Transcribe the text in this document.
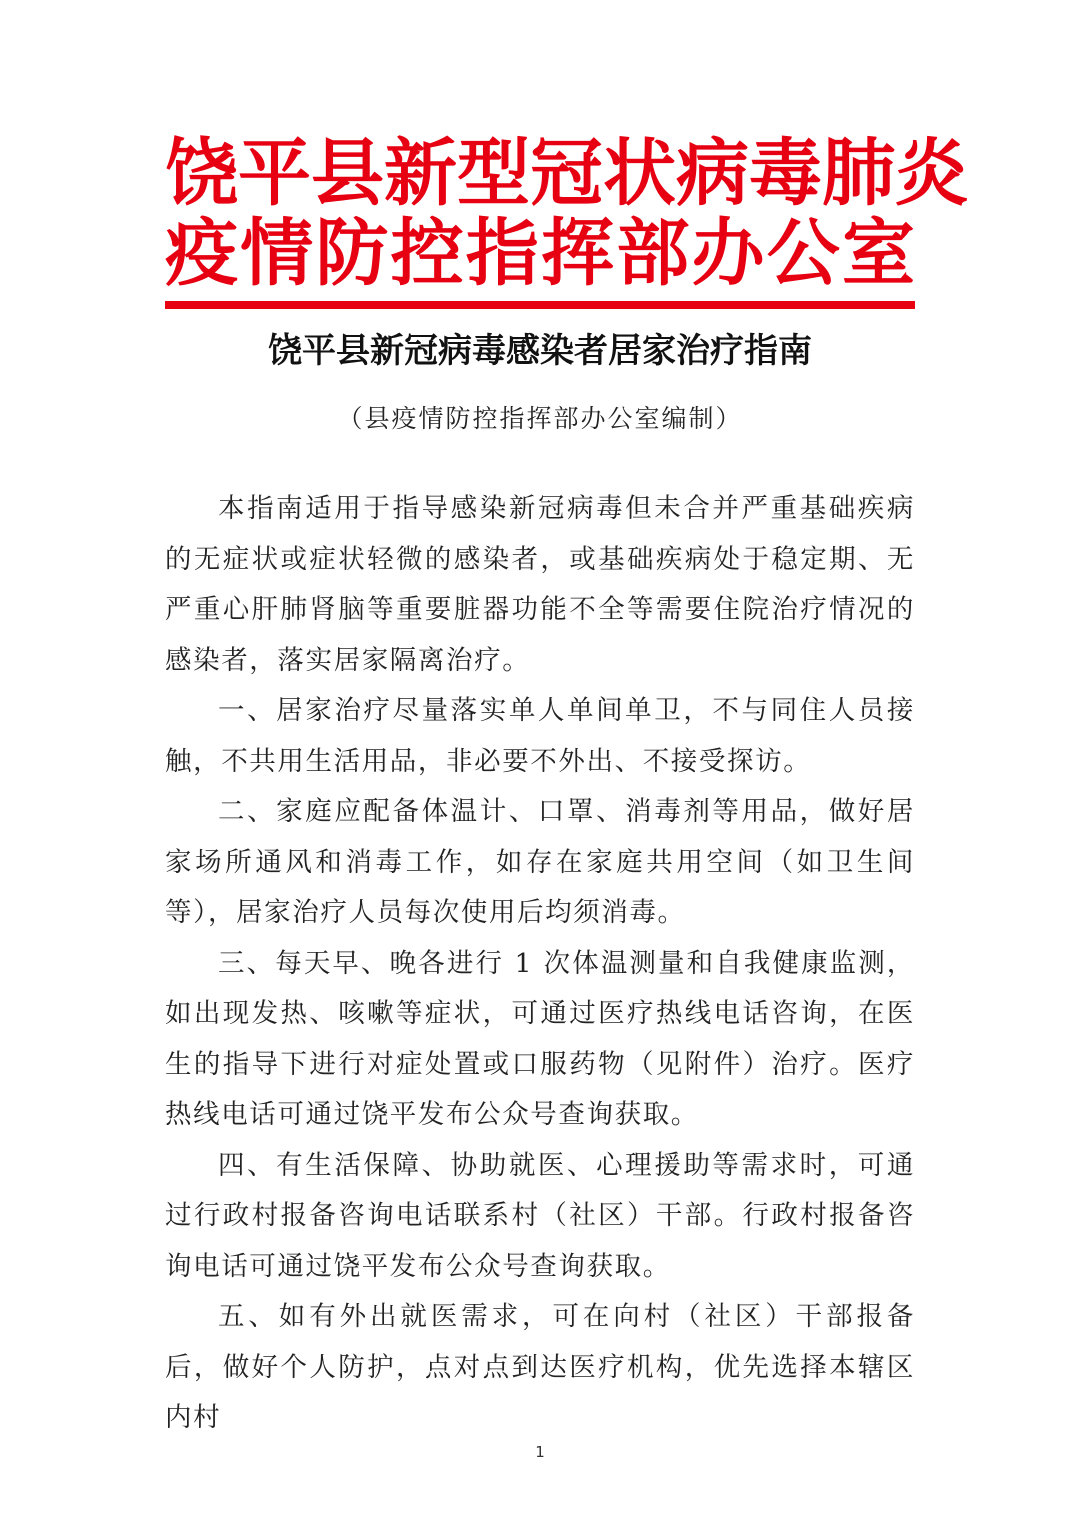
饶平县新型冠状病毒肺炎
疫情防控指挥部办公室
饶平县新冠病毒感染者居家治疗指南
（县疫情防控指挥部办公室编制）

本指南适用于指导感染新冠病毒但未合并严重基础疾病的无症状或症状轻微的感染者，或基础疾病处于稳定期、无严重心肝肺肾脑等重要脏器功能不全等需要住院治疗情况的感染者，落实居家隔离治疗。

一、居家治疗尽量落实单人单间单卫，不与同住人员接触，不共用生活用品，非必要不外出、不接受探访。

二、家庭应配备体温计、口罩、消毒剂等用品，做好居家场所通风和消毒工作，如存在家庭共用空间（如卫生间等），居家治疗人员每次使用后均须消毒。

三、每天早、晚各进行 1 次体温测量和自我健康监测，如出现发热、咳嗽等症状，可通过医疗热线电话咨询，在医生的指导下进行对症处置或口服药物（见附件）治疗。医疗热线电话可通过饶平发布公众号查询获取。

四、有生活保障、协助就医、心理援助等需求时，可通过行政村报备咨询电话联系村（社区）干部。行政村报备咨询电话可通过饶平发布公众号查询获取。

五、如有外出就医需求，可在向村（社区）干部报备后，做好个人防护，点对点到达医疗机构，优先选择本辖区内村

1
